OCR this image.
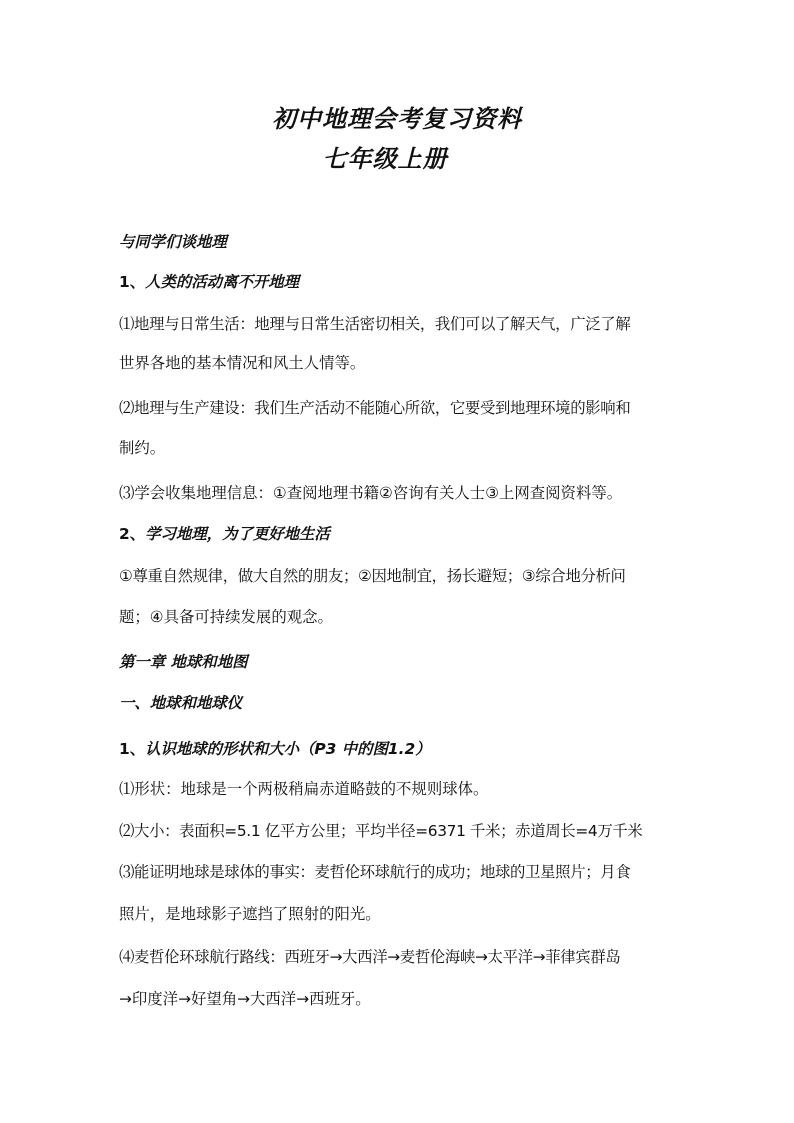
初中地理会考复习资料
七年级上册
与同学们谈地理
1、人类的活动离不开地理
⑴地理与日常生活：地理与日常生活密切相关，我们可以了解天气，广泛了解
世界各地的基本情况和风土人情等。
⑵地理与生产建设：我们生产活动不能随心所欲，它要受到地理环境的影响和
制约。
⑶学会收集地理信息：①查阅地理书籍②咨询有关人士③上网查阅资料等。
2、学习地理，为了更好地生活
①尊重自然规律，做大自然的朋友；②因地制宜，扬长避短；③综合地分析问
题；④具备可持续发展的观念。
第一章 地球和地图
一、地球和地球仪
1、认识地球的形状和大小（P3 中的图1.2）
⑴形状：地球是一个两极稍扁赤道略鼓的不规则球体。
⑵大小：表面积=5.1 亿平方公里；平均半径=6371 千米；赤道周长=4万千米
⑶能证明地球是球体的事实：麦哲伦环球航行的成功；地球的卫星照片；月食
照片，是地球影子遮挡了照射的阳光。
⑷麦哲伦环球航行路线：西班牙→大西洋→麦哲伦海峡→太平洋→菲律宾群岛
→印度洋→好望角→大西洋→西班牙。
